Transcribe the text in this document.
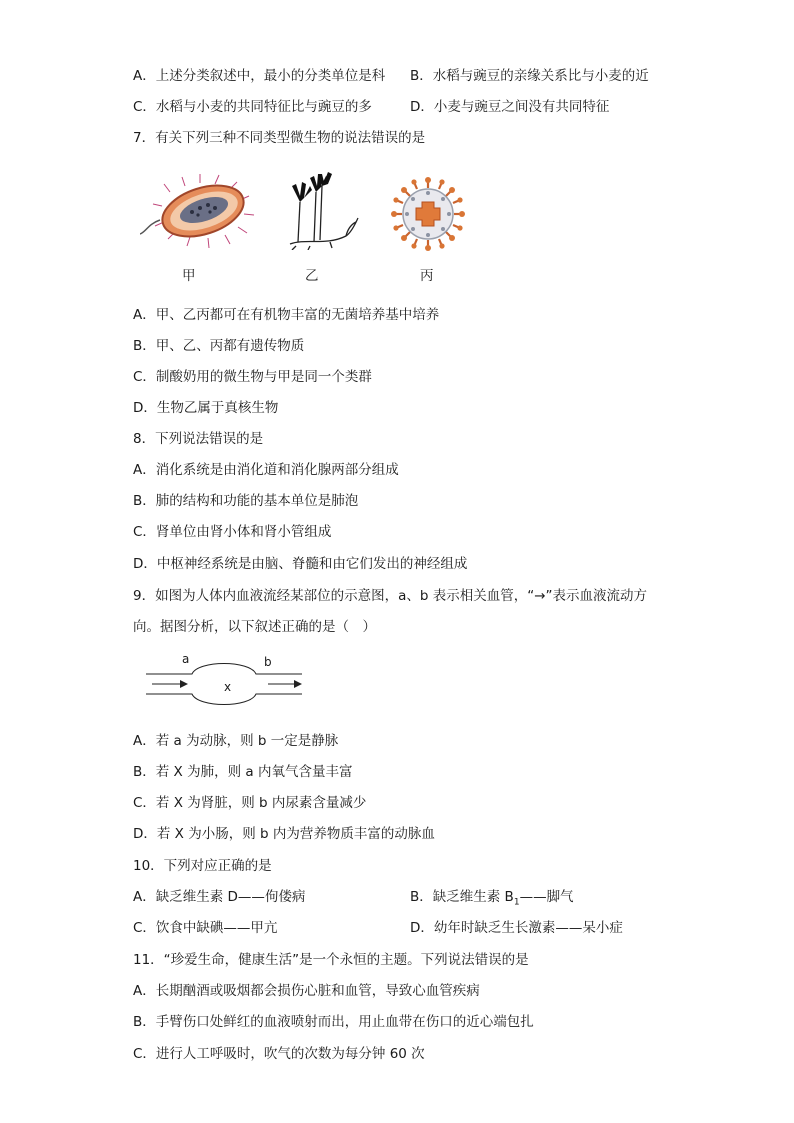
A．上述分类叙述中，最小的分类单位是科 B．水稻与豌豆的亲缘关系比与小麦的近
C．水稻与小麦的共同特征比与豌豆的多	D．小麦与豌豆之间没有共同特征
7．有关下列三种不同类型微生物的说法错误的是
甲	乙	丙
A．甲、乙丙都可在有机物丰富的无菌培养基中培养
B．甲、乙、丙都有遗传物质
C．制酸奶用的微生物与甲是同一个类群
D．生物乙属于真核生物
8．下列说法错误的是
A．消化系统是由消化道和消化腺两部分组成
B．肺的结构和功能的基本单位是肺泡
C．肾单位由肾小体和肾小管组成
D．中枢神经系统是由脑、脊髓和由它们发出的神经组成
9．如图为人体内血液流经某部位的示意图，a、b 表示相关血管，“→”表示血液流动方
向。据图分析，以下叙述正确的是（　）
a	b
x
A．若 a 为动脉，则 b 一定是静脉
B．若 X 为肺，则 a 内氧气含量丰富
C．若 X 为肾脏，则 b 内尿素含量减少
D．若 X 为小肠，则 b 内为营养物质丰富的动脉血
10．下列对应正确的是
A．缺乏维生素 D——佝偻病	B．缺乏维生素 $B_1——$脚气
C．饮食中缺碘——甲亢	D．幼年时缺乏生长激素——呆小症
11．“珍爱生命，健康生活”是一个永恒的主题。下列说法错误的是
A．长期酗酒或吸烟都会损伤心脏和血管，导致心血管疾病
B．手臂伤口处鲜红的血液喷射而出，用止血带在伤口的近心端包扎
C．进行人工呼吸时，吹气的次数为每分钟 60 次
